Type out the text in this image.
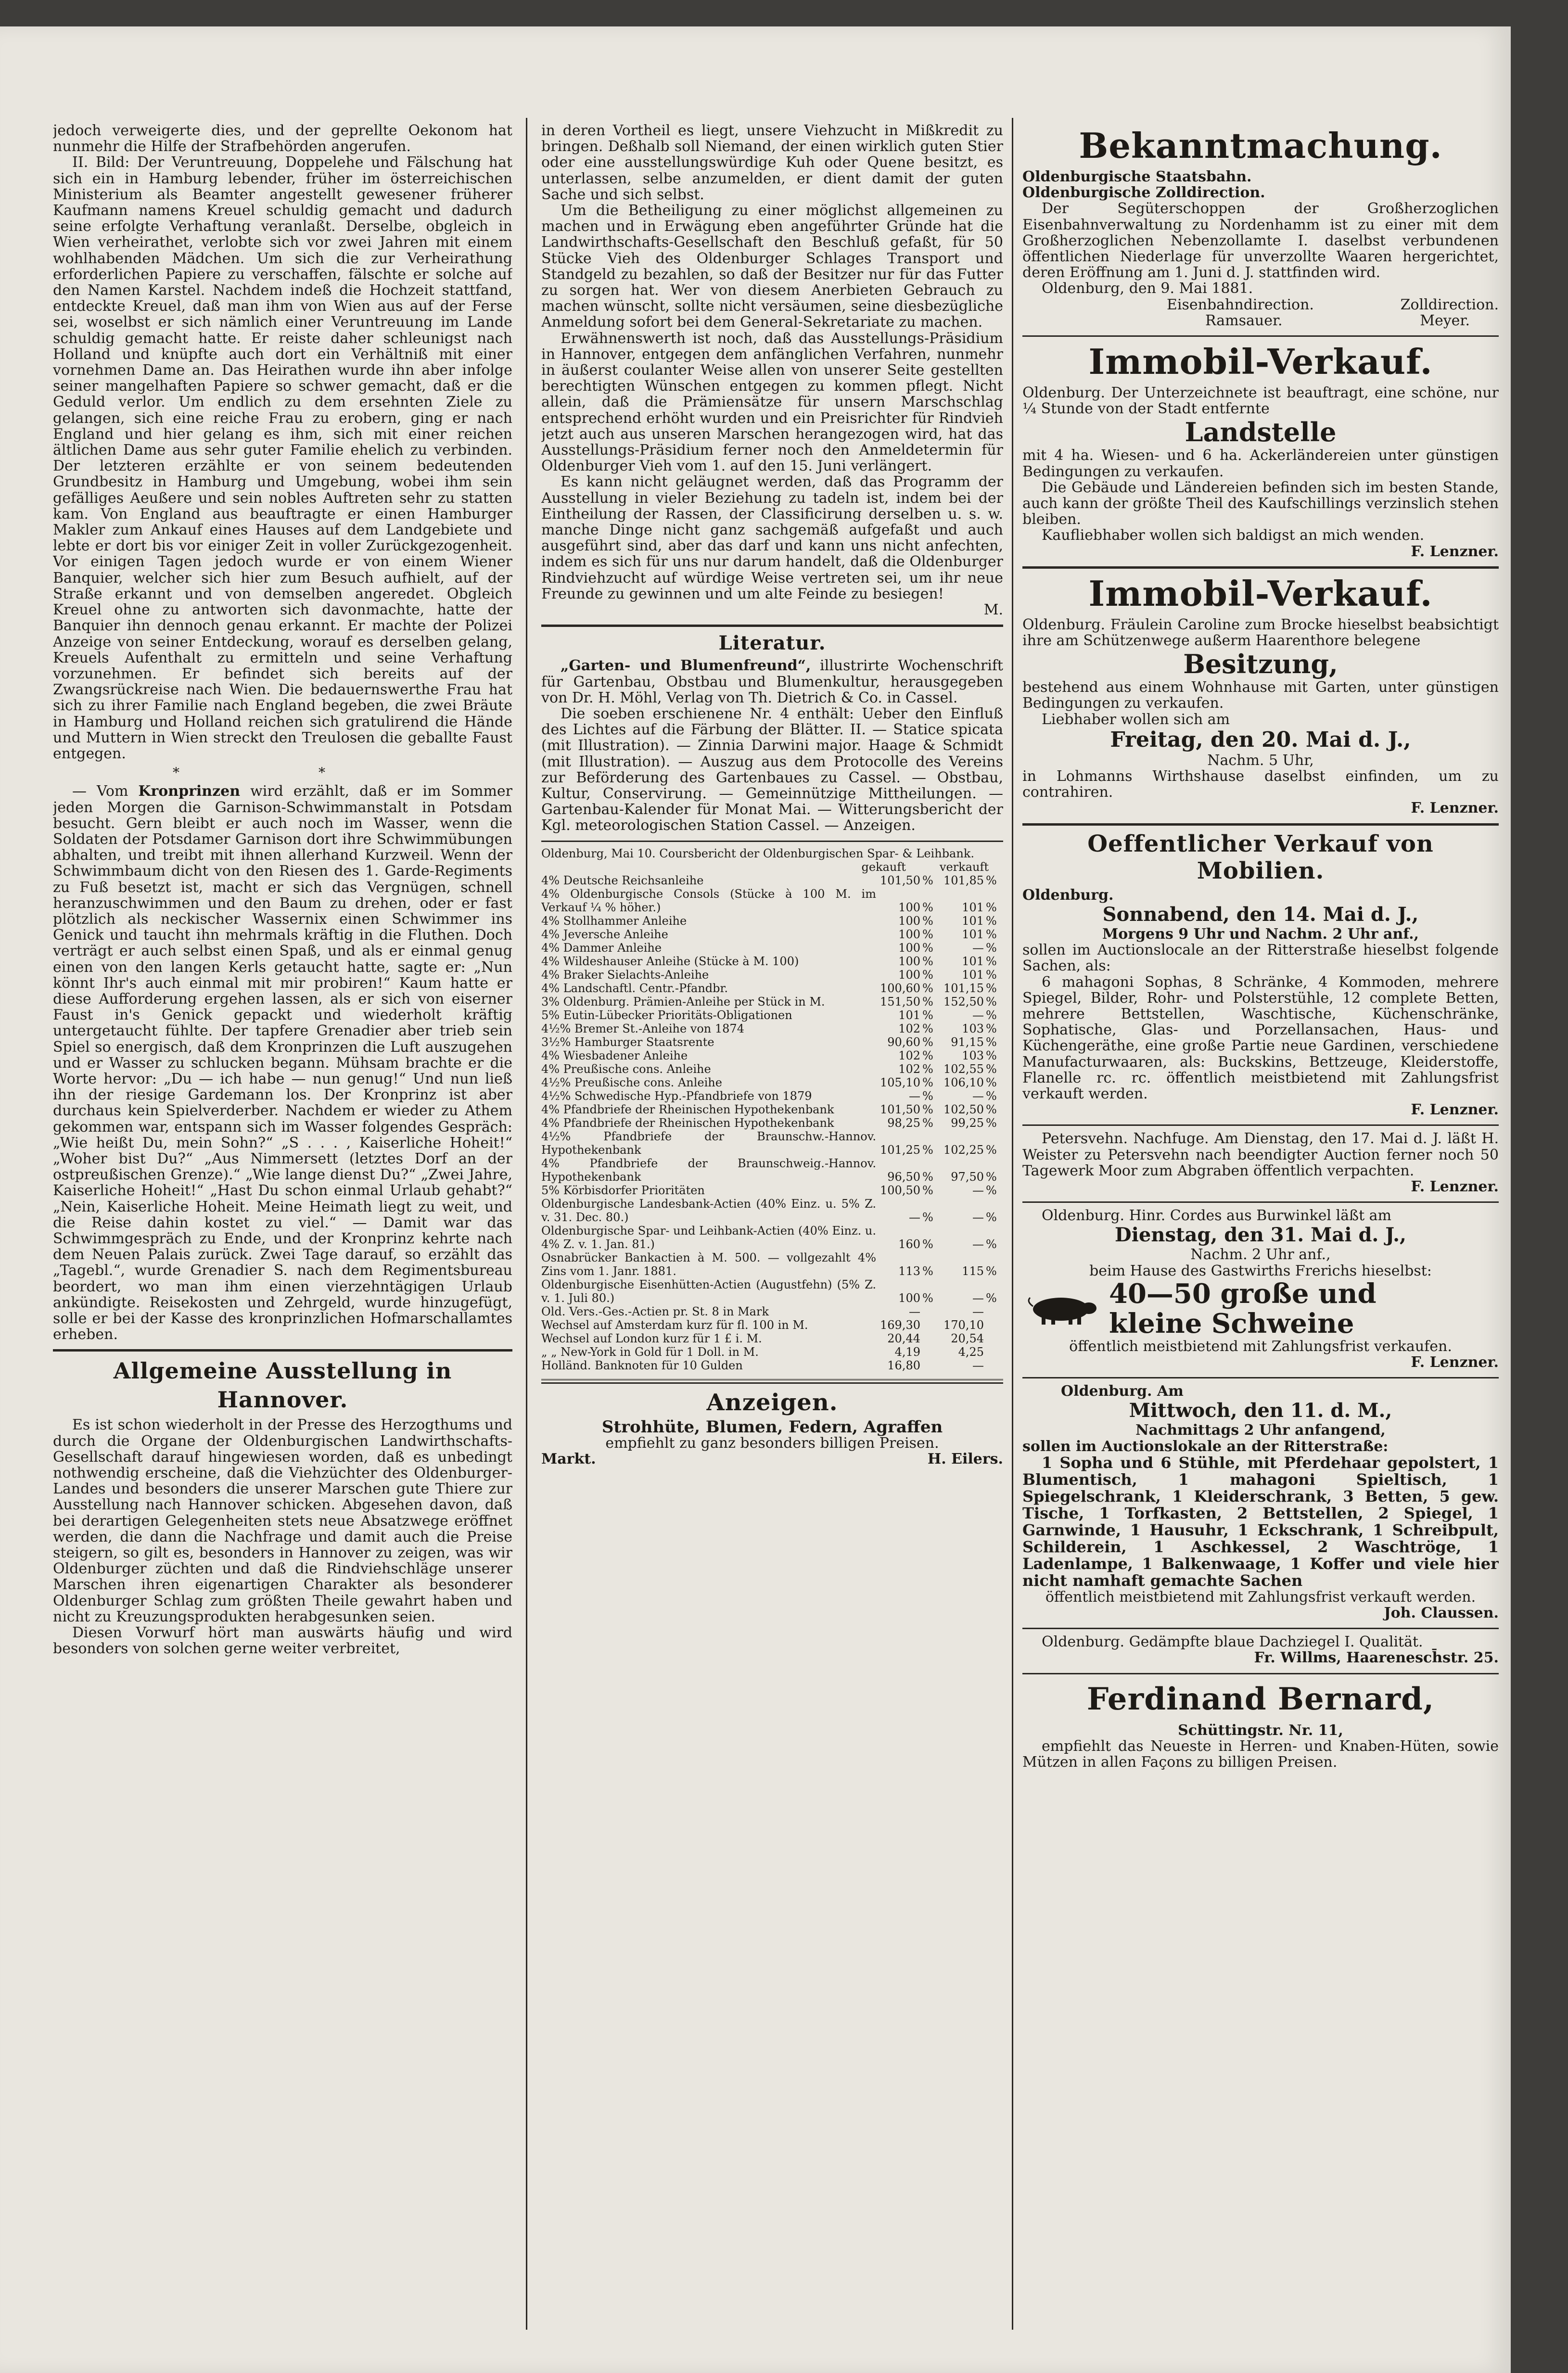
jedoch verweigerte dies, und der geprellte Oekonom hat nunmehr die Hilfe der Strafbehörden angerufen.

II. Bild: Der Veruntreuung, Doppelehe und Fälschung hat sich ein in Hamburg lebender, früher im österreichischen Ministerium als Beamter angestellt gewesener früherer Kaufmann namens Kreuel schuldig gemacht und dadurch seine erfolgte Verhaftung veranlaßt. Derselbe, obgleich in Wien verheirathet, verlobte sich vor zwei Jahren mit einem wohlhabenden Mädchen. Um sich die zur Verheirathung erforderlichen Papiere zu verschaffen, fälschte er solche auf den Namen Karstel. Nachdem indeß die Hochzeit stattfand, entdeckte Kreuel, daß man ihm von Wien aus auf der Ferse sei, woselbst er sich nämlich einer Veruntreuung im Lande schuldig gemacht hatte. Er reiste daher schleunigst nach Holland und knüpfte auch dort ein Verhältniß mit einer vornehmen Dame an. Das Heirathen wurde ihn aber infolge seiner mangelhaften Papiere so schwer gemacht, daß er die Geduld verlor. Um endlich zu dem ersehnten Ziele zu gelangen, sich eine reiche Frau zu erobern, ging er nach England und hier gelang es ihm, sich mit einer reichen ältlichen Dame aus sehr guter Familie ehelich zu verbinden. Der letzteren erzählte er von seinem bedeutenden Grundbesitz in Hamburg und Umgebung, wobei ihm sein gefälliges Aeußere und sein nobles Auftreten sehr zu statten kam. Von England aus beauftragte er einen Hamburger Makler zum Ankauf eines Hauses auf dem Landgebiete und lebte er dort bis vor einiger Zeit in voller Zurückgezogenheit. Vor einigen Tagen jedoch wurde er von einem Wiener Banquier, welcher sich hier zum Besuch aufhielt, auf der Straße erkannt und von demselben angeredet. Obgleich Kreuel ohne zu antworten sich davonmachte, hatte der Banquier ihn dennoch genau erkannt. Er machte der Polizei Anzeige von seiner Entdeckung, worauf es derselben gelang, Kreuels Aufenthalt zu ermitteln und seine Verhaftung vorzunehmen. Er befindet sich bereits auf der Zwangsrückreise nach Wien. Die bedauernswerthe Frau hat sich zu ihrer Familie nach England begeben, die zwei Bräute in Hamburg und Holland reichen sich gratulirend die Hände und Muttern in Wien streckt den Treulosen die geballte Faust entgegen.

* *

— Vom Kronprinzen wird erzählt, daß er im Sommer jeden Morgen die Garnison-Schwimmanstalt in Potsdam besucht. Gern bleibt er auch noch im Wasser, wenn die Soldaten der Potsdamer Garnison dort ihre Schwimmübungen abhalten, und treibt mit ihnen allerhand Kurzweil. Wenn der Schwimmbaum dicht von den Riesen des 1. Garde-Regiments zu Fuß besetzt ist, macht er sich das Vergnügen, schnell heranzuschwimmen und den Baum zu drehen, oder er fast plötzlich als neckischer Wassernix einen Schwimmer ins Genick und taucht ihn mehrmals kräftig in die Fluthen. Doch verträgt er auch selbst einen Spaß, und als er einmal genug einen von den langen Kerls getaucht hatte, sagte er: „Nun könnt Ihr's auch einmal mit mir probiren!“ Kaum hatte er diese Aufforderung ergehen lassen, als er sich von eiserner Faust in's Genick gepackt und wiederholt kräftig untergetaucht fühlte. Der tapfere Grenadier aber trieb sein Spiel so energisch, daß dem Kronprinzen die Luft auszugehen und er Wasser zu schlucken begann. Mühsam brachte er die Worte hervor: „Du — ich habe — nun genug!“ Und nun ließ ihn der riesige Gardemann los. Der Kronprinz ist aber durchaus kein Spielverderber. Nachdem er wieder zu Athem gekommen war, entspann sich im Wasser folgendes Gespräch: „Wie heißt Du, mein Sohn?“ „S . . . , Kaiserliche Hoheit!“ „Woher bist Du?“ „Aus Nimmersett (letztes Dorf an der ostpreußischen Grenze).“ „Wie lange dienst Du?“ „Zwei Jahre, Kaiserliche Hoheit!“ „Hast Du schon einmal Urlaub gehabt?“ „Nein, Kaiserliche Hoheit. Meine Heimath liegt zu weit, und die Reise dahin kostet zu viel.“ — Damit war das Schwimmgespräch zu Ende, und der Kronprinz kehrte nach dem Neuen Palais zurück. Zwei Tage darauf, so erzählt das „Tagebl.“, wurde Grenadier S. nach dem Regimentsbureau beordert, wo man ihm einen vierzehntägigen Urlaub ankündigte. Reisekosten und Zehrgeld, wurde hinzugefügt, solle er bei der Kasse des kronprinzlichen Hofmarschallamtes erheben.

Allgemeine Ausstellung in Hannover.

Es ist schon wiederholt in der Presse des Herzogthums und durch die Organe der Oldenburgischen Landwirthschafts-Gesellschaft darauf hingewiesen worden, daß es unbedingt nothwendig erscheine, daß die Viehzüchter des Oldenburger-Landes und besonders die unserer Marschen gute Thiere zur Ausstellung nach Hannover schicken. Abgesehen davon, daß bei derartigen Gelegenheiten stets neue Absatzwege eröffnet werden, die dann die Nachfrage und damit auch die Preise steigern, so gilt es, besonders in Hannover zu zeigen, was wir Oldenburger züchten und daß die Rindviehschläge unserer Marschen ihren eigenartigen Charakter als besonderer Oldenburger Schlag zum größten Theile gewahrt haben und nicht zu Kreuzungsprodukten herabgesunken seien.

Diesen Vorwurf hört man auswärts häufig und wird besonders von solchen gerne weiter verbreitet,

in deren Vortheil es liegt, unsere Viehzucht in Mißkredit zu bringen. Deßhalb soll Niemand, der einen wirklich guten Stier oder eine ausstellungswürdige Kuh oder Quene besitzt, es unterlassen, selbe anzumelden, er dient damit der guten Sache und sich selbst.

Um die Betheiligung zu einer möglichst allgemeinen zu machen und in Erwägung eben angeführter Gründe hat die Landwirthschafts-Gesellschaft den Beschluß gefaßt, für 50 Stücke Vieh des Oldenburger Schlages Transport und Standgeld zu bezahlen, so daß der Besitzer nur für das Futter zu sorgen hat. Wer von diesem Anerbieten Gebrauch zu machen wünscht, sollte nicht versäumen, seine diesbezügliche Anmeldung sofort bei dem General-Sekretariate zu machen.

Erwähnenswerth ist noch, daß das Ausstellungs-Präsidium in Hannover, entgegen dem anfänglichen Verfahren, nunmehr in äußerst coulanter Weise allen von unserer Seite gestellten berechtigten Wünschen entgegen zu kommen pflegt. Nicht allein, daß die Prämiensätze für unsern Marschschlag entsprechend erhöht wurden und ein Preisrichter für Rindvieh jetzt auch aus unseren Marschen herangezogen wird, hat das Ausstellungs-Präsidium ferner noch den Anmeldetermin für Oldenburger Vieh vom 1. auf den 15. Juni verlängert.

Es kann nicht geläugnet werden, daß das Programm der Ausstellung in vieler Beziehung zu tadeln ist, indem bei der Eintheilung der Rassen, der Classificirung derselben u. s. w. manche Dinge nicht ganz sachgemäß aufgefaßt und auch ausgeführt sind, aber das darf und kann uns nicht anfechten, indem es sich für uns nur darum handelt, daß die Oldenburger Rindviehzucht auf würdige Weise vertreten sei, um ihr neue Freunde zu gewinnen und um alte Feinde zu besiegen!

M.
Literatur.

„Garten- und Blumenfreund“, illustrirte Wochenschrift für Gartenbau, Obstbau und Blumenkultur, herausgegeben von Dr. H. Möhl, Verlag von Th. Dietrich & Co. in Cassel.

Die soeben erschienene Nr. 4 enthält: Ueber den Einfluß des Lichtes auf die Färbung der Blätter. II. — Statice spicata (mit Illustration). — Zinnia Darwini major. Haage & Schmidt (mit Illustration). — Auszug aus dem Protocolle des Vereins zur Beförderung des Gartenbaues zu Cassel. — Obstbau, Kultur, Conservirung. — Gemeinnützige Mittheilungen. — Gartenbau-Kalender für Monat Mai. — Witterungsbericht der Kgl. meteorologischen Station Cassel. — Anzeigen.

Oldenburg, Mai 10. Coursbericht der Oldenburgischen Spar- & Leihbank.
gekauft	verkauft
4% Deutsche Reichsanleihe	101,50	%	101,85	%
4% Oldenburgische Consols (Stücke à 100 M. im Verkauf ¼ % höher.)	100	%	101	%
4% Stollhammer Anleihe	100	%	101	%
4% Jeversche Anleihe	100	%	101	%
4% Dammer Anleihe	100	%	—	%
4% Wildeshauser Anleihe (Stücke à M. 100)	100	%	101	%
4% Braker Sielachts-Anleihe	100	%	101	%
4% Landschaftl. Centr.-Pfandbr.	100,60	%	101,15	%
3% Oldenburg. Prämien-Anleihe per Stück in M.	151,50	%	152,50	%
5% Eutin-Lübecker Prioritäts-Obligationen	101	%	—	%
4½% Bremer St.-Anleihe von 1874	102	%	103	%
3½% Hamburger Staatsrente	90,60	%	91,15	%
4% Wiesbadener Anleihe	102	%	103	%
4% Preußische cons. Anleihe	102	%	102,55	%
4½% Preußische cons. Anleihe	105,10	%	106,10	%
4½% Schwedische Hyp.-Pfandbriefe von 1879	—	%	—	%
4% Pfandbriefe der Rheinischen Hypothekenbank	101,50	%	102,50	%
4% Pfandbriefe der Rheinischen Hypothekenbank	98,25	%	99,25	%
4½% Pfandbriefe der Braunschw.-Hannov. Hypothekenbank	101,25	%	102,25	%
4% Pfandbriefe der Braunschweig.-Hannov. Hypothekenbank	96,50	%	97,50	%
5% Körbisdorfer Prioritäten	100,50	%	—	%
Oldenburgische Landesbank-Actien (40% Einz. u. 5% Z. v. 31. Dec. 80.)	—	%	—	%
Oldenburgische Spar- und Leihbank-Actien (40% Einz. u. 4% Z. v. 1. Jan. 81.)	160	%	—	%
Osnabrücker Bankactien à M. 500. — vollgezahlt 4% Zins vom 1. Janr. 1881.	113	%	115	%
Oldenburgische Eisenhütten-Actien (Augustfehn) (5% Z. v. 1. Juli 80.)	100	%	—	%
Old. Vers.-Ges.-Actien pr. St. 8 in Mark	—		—	
Wechsel auf Amsterdam kurz für fl. 100 in M.	169,30		170,10	
Wechsel auf London kurz für 1 £ i. M.	20,44		20,54	
„ „ New-York in Gold für 1 Doll. in M.	4,19		4,25	
Holländ. Banknoten für 10 Gulden	16,80		—	
Anzeigen.
Strohhüte, Blumen, Federn, Agraffen
empfiehlt zu ganz besonders billigen Preisen.
Markt.	H. Eilers.
Bekanntmachung.
Oldenburgische Staatsbahn.
Oldenburgische Zolldirection.

Der Següterschoppen der Großherzoglichen Eisenbahnverwaltung zu Nordenhamm ist zu einer mit dem Großherzoglichen Nebenzollamte I. daselbst verbundenen öffentlichen Niederlage für unverzollte Waaren hergerichtet, deren Eröffnung am 1. Juni d. J. stattfinden wird.

Oldenburg, den 9. Mai 1881.

Eisenbahndirection.	Zolldirection.
Ramsauer.	Meyer.
Immobil-Verkauf.

Oldenburg. Der Unterzeichnete ist beauftragt, eine schöne, nur ¼ Stunde von der Stadt entfernte

Landstelle

mit 4 ha. Wiesen- und 6 ha. Ackerländereien unter günstigen Bedingungen zu verkaufen.

Die Gebäude und Ländereien befinden sich im besten Stande, auch kann der größte Theil des Kaufschillings verzinslich stehen bleiben.

Kaufliebhaber wollen sich baldigst an mich wenden.

F. Lenzner.
Immobil-Verkauf.

Oldenburg. Fräulein Caroline zum Brocke hieselbst beabsichtigt ihre am Schützenwege außerm Haarenthore belegene

Besitzung,

bestehend aus einem Wohnhause mit Garten, unter günstigen Bedingungen zu verkaufen.

Liebhaber wollen sich am

Freitag, den 20. Mai d. J.,
Nachm. 5 Uhr,

in Lohmanns Wirthshause daselbst einfinden, um zu contrahiren.

F. Lenzner.
Oeffentlicher Verkauf von Mobilien.
Oldenburg.
Sonnabend, den 14. Mai d. J.,
Morgens 9 Uhr und Nachm. 2 Uhr anf.,

sollen im Auctionslocale an der Ritterstraße hieselbst folgende Sachen, als:

6 mahagoni Sophas, 8 Schränke, 4 Kommoden, mehrere Spiegel, Bilder, Rohr- und Polsterstühle, 12 complete Betten, mehrere Bettstellen, Waschtische, Küchenschränke, Sophatische, Glas- und Porzellansachen, Haus- und Küchengeräthe, eine große Partie neue Gardinen, verschiedene Manufacturwaaren, als: Buckskins, Bettzeuge, Kleiderstoffe, Flanelle rc. rc. öffentlich meistbietend mit Zahlungsfrist verkauft werden.

F. Lenzner.

Petersvehn. Nachfuge. Am Dienstag, den 17. Mai d. J. läßt H. Weister zu Petersvehn nach beendigter Auction ferner noch 50 Tagewerk Moor zum Abgraben öffentlich verpachten.

F. Lenzner.

Oldenburg. Hinr. Cordes aus Burwinkel läßt am

Dienstag, den 31. Mai d. J.,
Nachm. 2 Uhr anf.,
beim Hause des Gastwirths Frerichs hieselbst:
40—50 große und
kleine Schweine
öffentlich meistbietend mit Zahlungsfrist verkaufen.
F. Lenzner.
Oldenburg. Am
Mittwoch, den 11. d. M.,
Nachmittags 2 Uhr anfangend,
sollen im Auctionslokale an der Ritterstraße:

1 Sopha und 6 Stühle, mit Pferdehaar gepolstert, 1 Blumentisch, 1 mahagoni Spieltisch, 1 Spiegelschrank, 1 Kleiderschrank, 3 Betten, 5 gew. Tische, 1 Torfkasten, 2 Bettstellen, 2 Spiegel, 1 Garnwinde, 1 Hausuhr, 1 Eckschrank, 1 Schreibpult, Schilderein, 1 Aschkessel, 2 Waschtröge, 1 Ladenlampe, 1 Balkenwaage, 1 Koffer und viele hier nicht namhaft gemachte Sachen

öffentlich meistbietend mit Zahlungsfrist verkauft werden.
Joh. Claussen.

Oldenburg. Gedämpfte blaue Dachziegel I. Qualität.

Fr. Willms, Haarenesch̄str. 25.
Ferdinand Bernard,
Schüttingstr. Nr. 11,

empfiehlt das Neueste in Herren- und Knaben-Hüten, sowie Mützen in allen Façons zu billigen Preisen.
